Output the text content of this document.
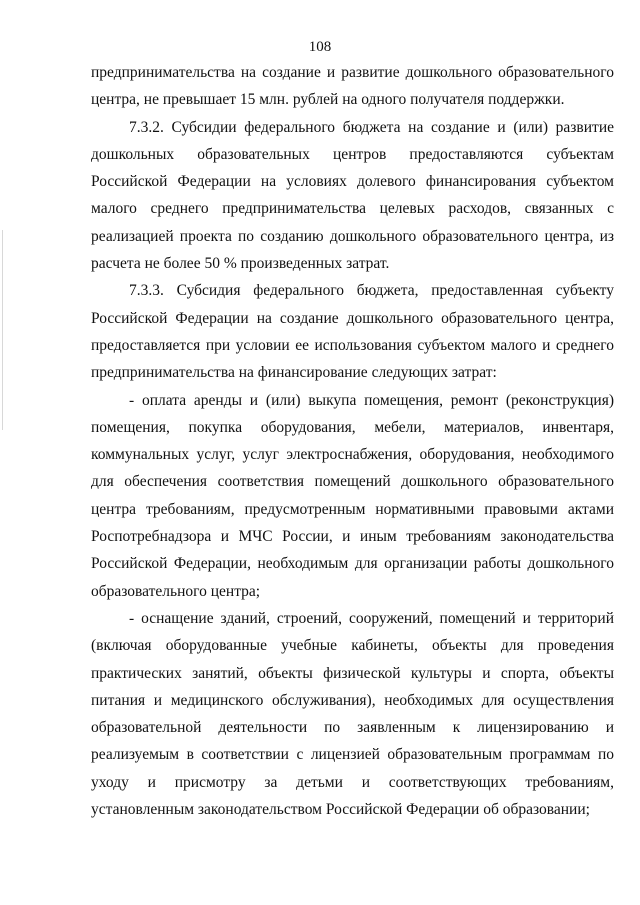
108

предпринимательства на создание и развитие дошкольного образовательного центра, не превышает 15 млн. рублей на одного получателя поддержки.

7.3.2. Субсидии федерального бюджета на создание и (или) развитие дошкольных образовательных центров предоставляются субъектам Российской Федерации на условиях долевого финансирования субъектом малого среднего предпринимательства целевых расходов, связанных с реализацией проекта по созданию дошкольного образовательного центра, из расчета не более 50 % произведенных затрат.

7.3.3. Субсидия федерального бюджета, предоставленная субъекту Российской Федерации на создание дошкольного образовательного центра, предоставляется при условии ее использования субъектом малого и среднего предпринимательства на финансирование следующих затрат:

- оплата аренды и (или) выкупа помещения, ремонт (реконструкция) помещения, покупка оборудования, мебели, материалов, инвентаря, коммунальных услуг, услуг электроснабжения, оборудования, необходимого для обеспечения соответствия помещений дошкольного образовательного центра требованиям, предусмотренным нормативными правовыми актами Роспотребнадзора и МЧС России, и иным требованиям законодательства Российской Федерации, необходимым для организации работы дошкольного образовательного центра;

- оснащение зданий, строений, сооружений, помещений и территорий (включая оборудованные учебные кабинеты, объекты для проведения практических занятий, объекты физической культуры и спорта, объекты питания и медицинского обслуживания), необходимых для осуществления образовательной деятельности по заявленным к лицензированию и реализуемым в соответствии с лицензией образовательным программам по уходу и присмотру за детьми и соответствующих требованиям, установленным законодательством Российской Федерации об образовании;
